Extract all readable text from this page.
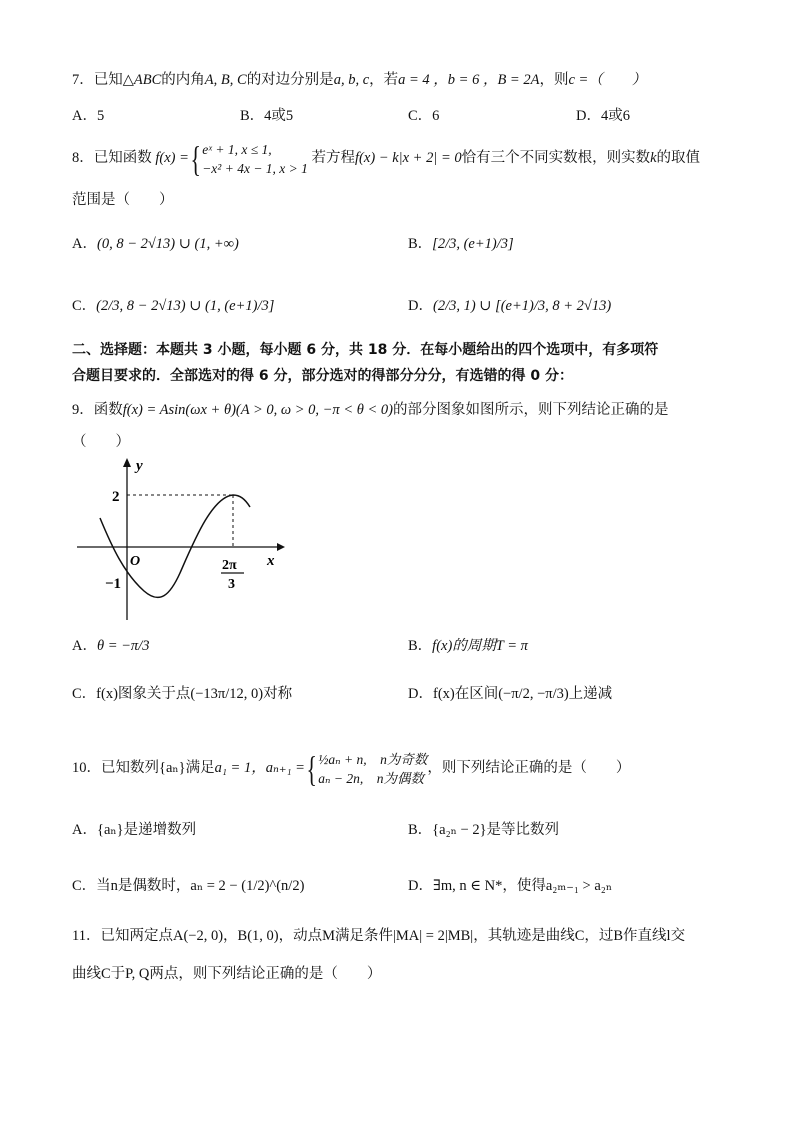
7．已知△ABC的内角A, B, C的对边分别是a, b, c，若a = 4 ，b = 6 ，B = 2A，则c =（　　）
A．5	B．4或5	C．6	D．4或6
8．已知函数 f(x) ={ eˣ + 1, x ≤ 1,
−x² + 4x − 1, x > 1
若方程f(x) − k|x + 2| = 0恰有三个不同实数根，则实数k的取值
范围是（　　）
A．(0, 8 − 2√13) ∪ (1, +∞)	B．[2/3, (e+1)/3]
C．(2/3, 8 − 2√13) ∪ (1, (e+1)/3]	D．(2/3, 1) ∪ [(e+1)/3, 8 + 2√13)
二、选择题：本题共 3 小题，每小题 6 分，共 18 分．在每小题给出的四个选项中，有多项符
合题目要求的．全部选对的得 6 分，部分选对的得部分分分，有选错的得 0 分：
9．函数f(x) = Asin(ωx + θ)(A > 0, ω > 0, −π < θ < 0)的部分图象如图所示，则下列结论正确的是
（　　）
y
x
O
2
−1
2π
3
A．θ = −π/3	B．f(x)的周期T = π
C．f(x)图象关于点(−13π/12, 0)对称	D．f(x)在区间(−π/2, −π/3)上递减
10．已知数列{aₙ}满足a₁ = 1，aₙ₊₁ ={ ½aₙ + n,　n为奇数
aₙ − 2n,　n为偶数
，则下列结论正确的是（　　）
A．{aₙ}是递增数列	B．{a₂ₙ − 2}是等比数列
C．当n是偶数时，aₙ = 2 − (1/2)^(n/2)	D．∃m, n ∈ N*，使得a₂ₘ₋₁ > a₂ₙ
11．已知两定点A(−2, 0)，B(1, 0)，动点M满足条件|MA| = 2|MB|，其轨迹是曲线C，过B作直线l交
曲线C于P, Q两点，则下列结论正确的是（　　）
